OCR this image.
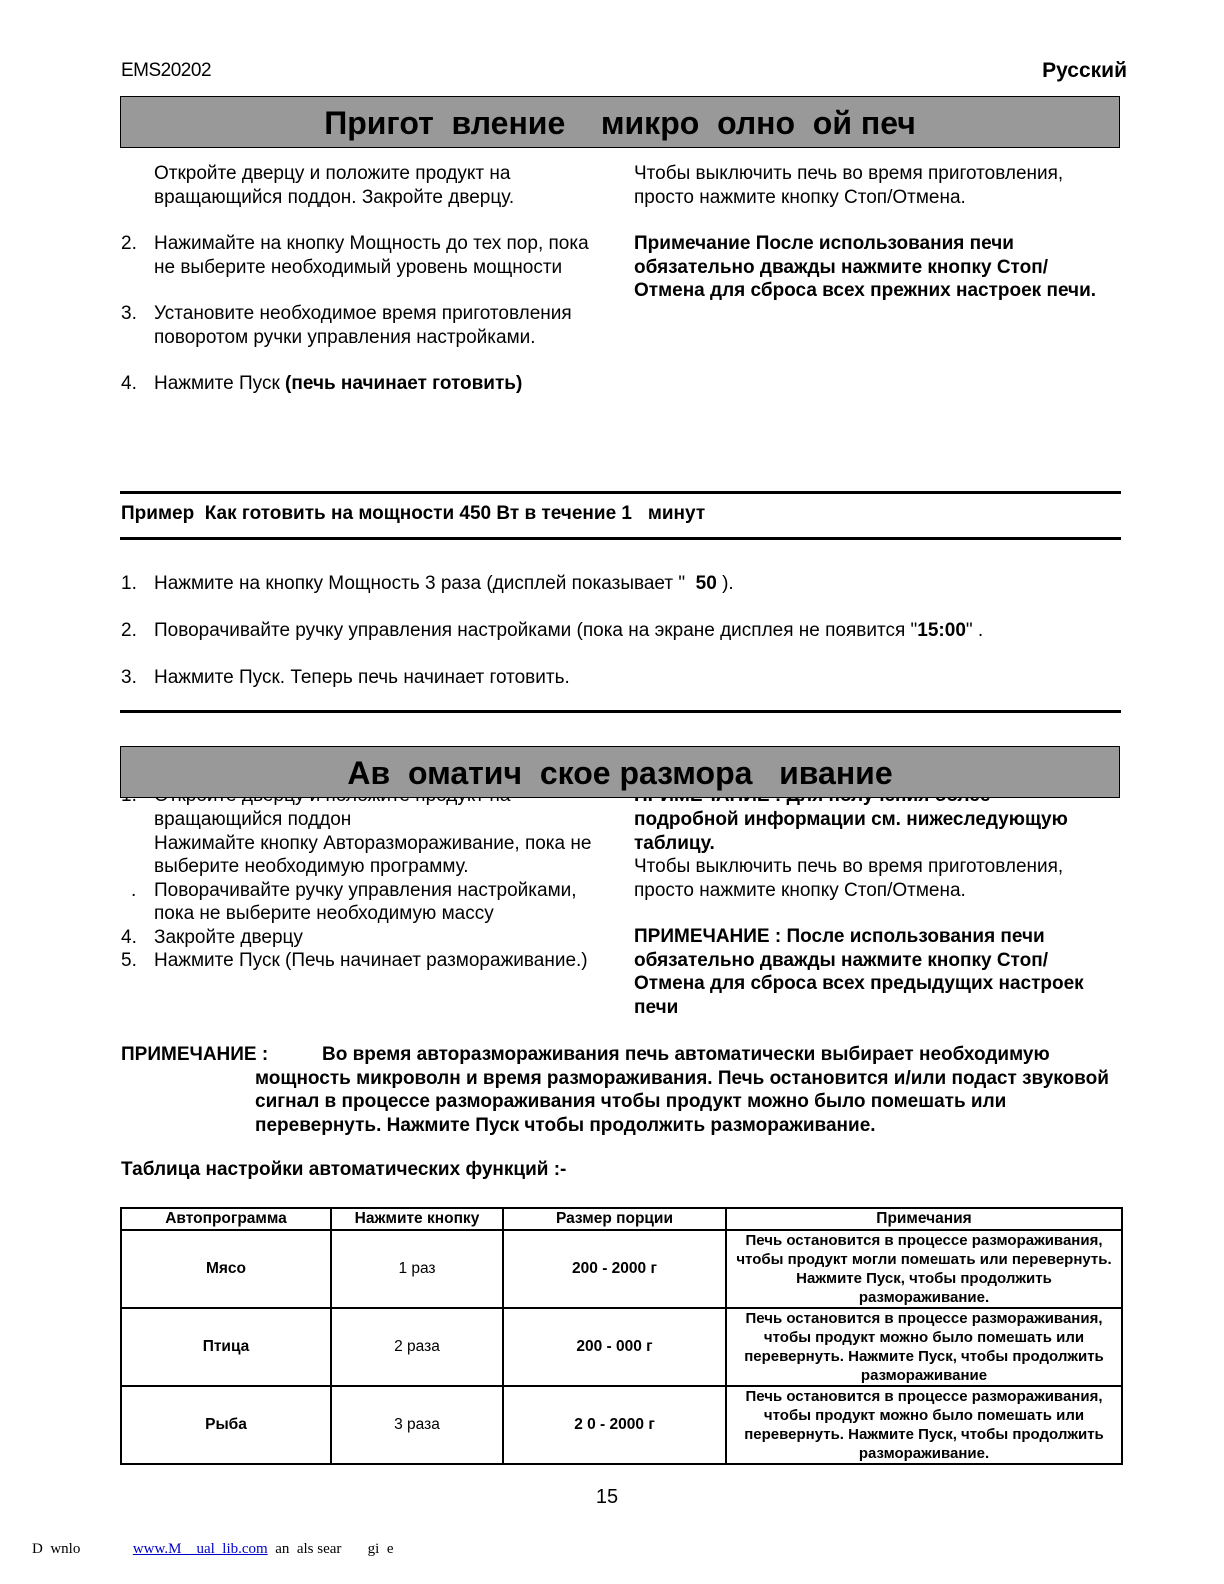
EMS20202	Русский
Пригот  вление    микро  олно  ой печ
Откройте дверцу и положите продукт на вращающийся поддон. Закройте дверцу.
2. Нажимайте на кнопку Мощность до тех пор, пока не выберите необходимый уровень мощности
3. Установите необходимое время приготовления поворотом ручки управления настройками.
4. Нажмите Пуск (печь начинает готовить)
Чтобы выключить печь во время приготовления, просто нажмите кнопку Стоп/Отмена.
Примечание После использования печи обязательно дважды нажмите кнопку Стоп/Отмена для сброса всех прежних настроек печи.
Пример  Как готовить на мощности 450 Вт в течение 1   минут
1. Нажмите на кнопку Мощность 3 раза (дисплей показывает "  50 ).
2. Поворачивайте ручку управления настройками (пока на экране дисплея не появится "15:00" .
3. Нажмите Пуск. Теперь печь начинает готовить.
Ав  оматич  ское размора   ивание
вращающийся поддон
Нажимайте кнопку Авторазмораживание, пока не выберите необходимую программу.
. Поворачивайте ручку управления настройками, пока не выберите необходимую массу
4. Закройте дверцу
5. Нажмите Пуск (Печь начинает размораживание.)
подробной информации см. нижеследующую таблицу.
Чтобы выключить печь во время приготовления, просто нажмите кнопку Стоп/Отмена.
ПРИМЕЧАНИЕ : После использования печи обязательно дважды нажмите кнопку Стоп/Отмена для сброса всех предыдущих настроек печи
ПРИМЕЧАНИЕ :	Во время авторазмораживания печь автоматически выбирает необходимую
мощность микроволн и время размораживания. Печь остановится и/или подаст звуковой сигнал в процессе размораживания чтобы продукт можно было помешать или перевернуть. Нажмите Пуск чтобы продолжить размораживание.
Таблица настройки автоматических функций :-
Автопрограмма	Нажмите кнопку	Размер порции	Примечания
Мясо	1 раз	200 - 2000 г	Печь остановится в процессе размораживания, чтобы продукт могли помешать или перевернуть. Нажмите Пуск, чтобы продолжить размораживание.
Птица	2 раза	200 - 000 г	Печь остановится в процессе размораживания, чтобы продукт можно было помешать или перевернуть. Нажмите Пуск, чтобы продолжить размораживание
Рыба	3 раза	2 0 - 2000 г	Печь остановится в процессе размораживания, чтобы продукт можно было помешать или перевернуть. Нажмите Пуск, чтобы продолжить размораживание.
15
D  wnlo	www.M    ual  lib.com  an  als sear       gi  e
